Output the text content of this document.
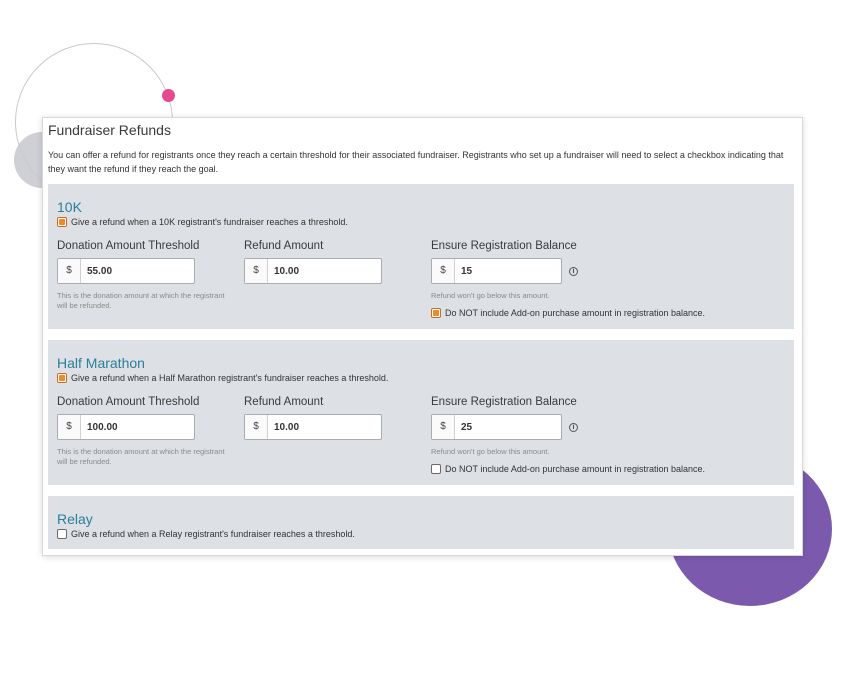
Fundraiser Refunds
You can offer a refund for registrants once they reach a certain threshold for their associated fundraiser. Registrants who set up a fundraiser will need to select a checkbox indicating that they want the refund if they reach the goal.
10K
Give a refund when a 10K registrant's fundraiser reaches a threshold.
Donation Amount Threshold
$	55.00
This is the donation amount at which the registrant will be refunded.
Refund Amount
$	10.00
Ensure Registration Balance
$	15	i
Refund won't go below this amount.
Do NOT include Add-on purchase amount in registration balance.
Half Marathon
Give a refund when a Half Marathon registrant's fundraiser reaches a threshold.
Donation Amount Threshold
$	100.00
This is the donation amount at which the registrant will be refunded.
Refund Amount
$	10.00
Ensure Registration Balance
$	25	i
Refund won't go below this amount.
Do NOT include Add-on purchase amount in registration balance.
Relay
Give a refund when a Relay registrant's fundraiser reaches a threshold.
